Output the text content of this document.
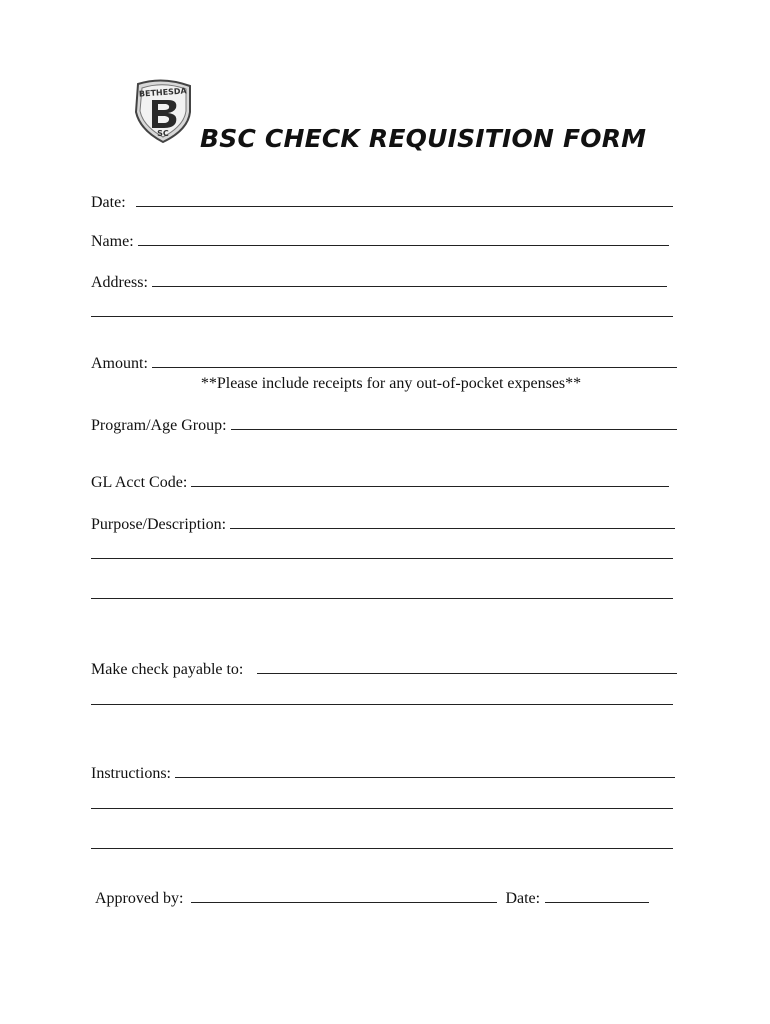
BETHESDA
SC BSC CHECK REQUISITION FORM
Date:
Name:
Address:
Amount:
**Please include receipts for any out-of-pocket expenses**
Program/Age Group:
GL Acct Code:
Purpose/Description:
Make check payable to:
Instructions:
Approved by:	Date:
